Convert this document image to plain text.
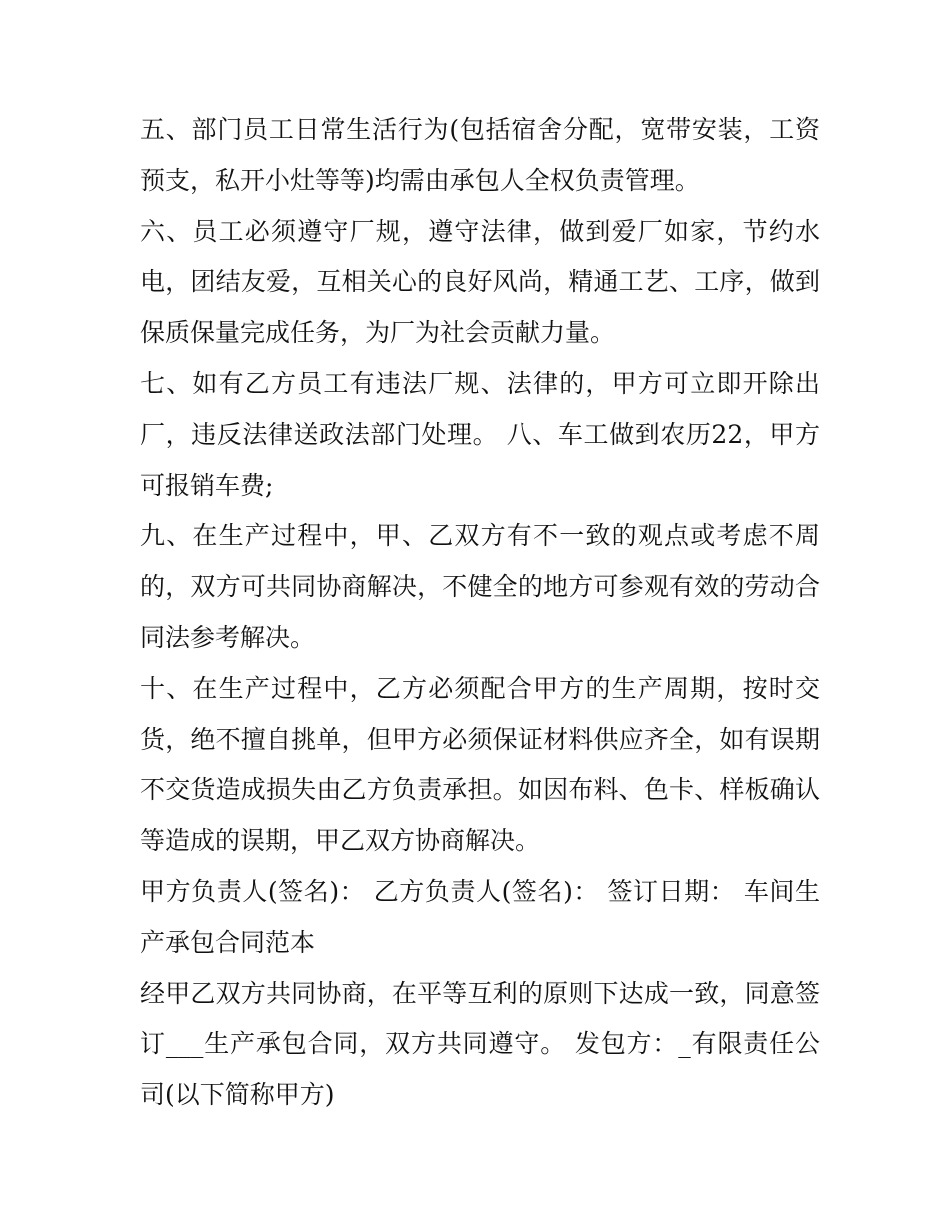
五、部门员工日常生活行为(包括宿舍分配，宽带安装，工资
预支，私开小灶等等)均需由承包人全权负责管理。
六、员工必须遵守厂规，遵守法律，做到爱厂如家，节约水
电，团结友爱，互相关心的良好风尚，精通工艺、工序，做到
保质保量完成任务，为厂为社会贡献力量。
七、如有乙方员工有违法厂规、法律的，甲方可立即开除出
厂，违反法律送政法部门处理。 八、车工做到农历22，甲方
可报销车费;
九、在生产过程中，甲、乙双方有不一致的观点或考虑不周
的，双方可共同协商解决，不健全的地方可参观有效的劳动合
同法参考解决。
十、在生产过程中，乙方必须配合甲方的生产周期，按时交
货，绝不擅自挑单，但甲方必须保证材料供应齐全，如有误期
不交货造成损失由乙方负责承担。如因布料、色卡、样板确认
等造成的误期，甲乙双方协商解决。
甲方负责人(签名)： 乙方负责人(签名)： 签订日期： 车间生
产承包合同范本
经甲乙双方共同协商，在平等互利的原则下达成一致，同意签
订___生产承包合同，双方共同遵守。 发包方：_有限责任公
司(以下简称甲方)
